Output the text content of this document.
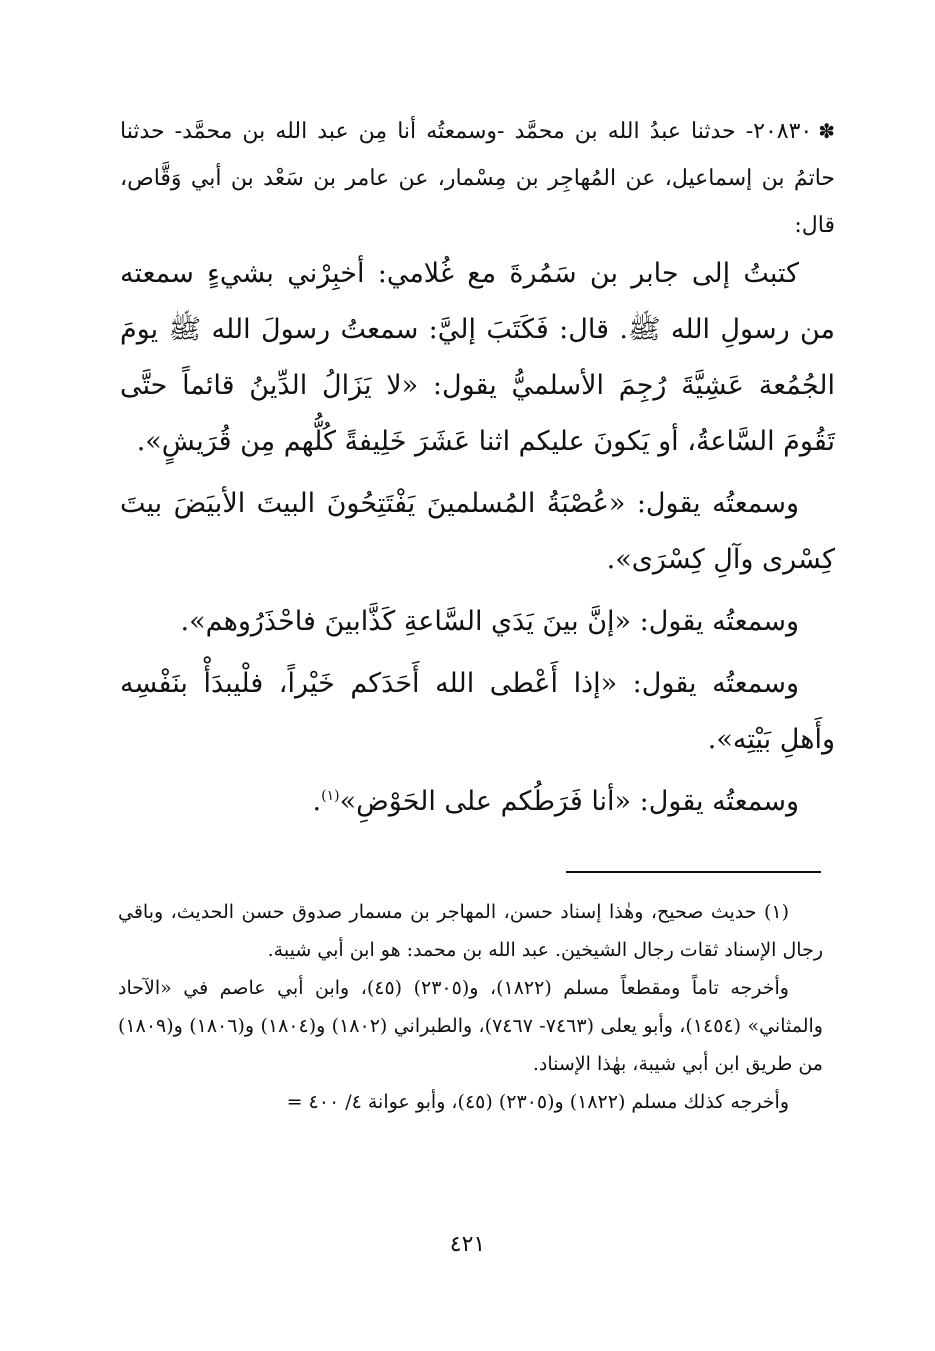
✽٢٠٨٣٠- حدثنا عبدُ الله بن محمَّد -وسمعتُه أنا مِن عبد الله بن محمَّد- حدثنا حاتمُ بن إسماعيل، عن المُهاجِر بن مِسْمار، عن عامر بن سَعْد بن أبي وَقَّاص، قال:

كتبتُ إلى جابر بن سَمُرةَ مع غُلامي: أخبِرْني بشيءٍ سمعته من رسولِ الله ﷺ. قال: فَكَتَبَ إليَّ: سمعتُ رسولَ الله ﷺ يومَ الجُمُعة عَشِيَّةَ رُجِمَ الأسلميُّ يقول: «لا يَزَالُ الدِّينُ قائماً حتَّى تَقُومَ السَّاعةُ، أو يَكونَ عليكم اثنا عَشَرَ خَلِيفةً كُلُّهم مِن قُرَيشٍ».

وسمعتُه يقول: «عُصْبَةُ المُسلمينَ يَفْتَتِحُونَ البيتَ الأبيَضَ بيتَ كِسْرى وآلِ كِسْرَى».

وسمعتُه يقول: «إنَّ بينَ يَدَي السَّاعةِ كَذَّابينَ فاحْذَرُوهم».

وسمعتُه يقول: «إذا أَعْطى الله أَحَدَكم خَيْراً، فلْيبدَأْ بنَفْسِه وأَهلِ بَيْتِه».

وسمعتُه يقول: «أنا فَرَطُكم على الحَوْضِ»$^{(١)}$.

(١) حديث صحيح، وهٰذا إسناد حسن، المهاجر بن مسمار صدوق حسن الحديث، وباقي رجال الإسناد ثقات رجال الشيخين. عبد الله بن محمد: هو ابن أبي شيبة.

وأخرجه تاماً ومقطعاً مسلم (١٨٢٢)، و(٢٣٠٥) (٤٥)، وابن أبي عاصم في «الآحاد والمثاني» (١٤٥٤)، وأبو يعلى (٧٤٦٣- ٧٤٦٧)، والطبراني (١٨٠٢) و(١٨٠٤) و(١٨٠٦) و(١٨٠٩) من طريق ابن أبي شيبة، بهٰذا الإسناد.

وأخرجه كذلك مسلم (١٨٢٢) و(٢٣٠٥) (٤٥)، وأبو عوانة ٤/ ٤٠٠ =

٤٢١
